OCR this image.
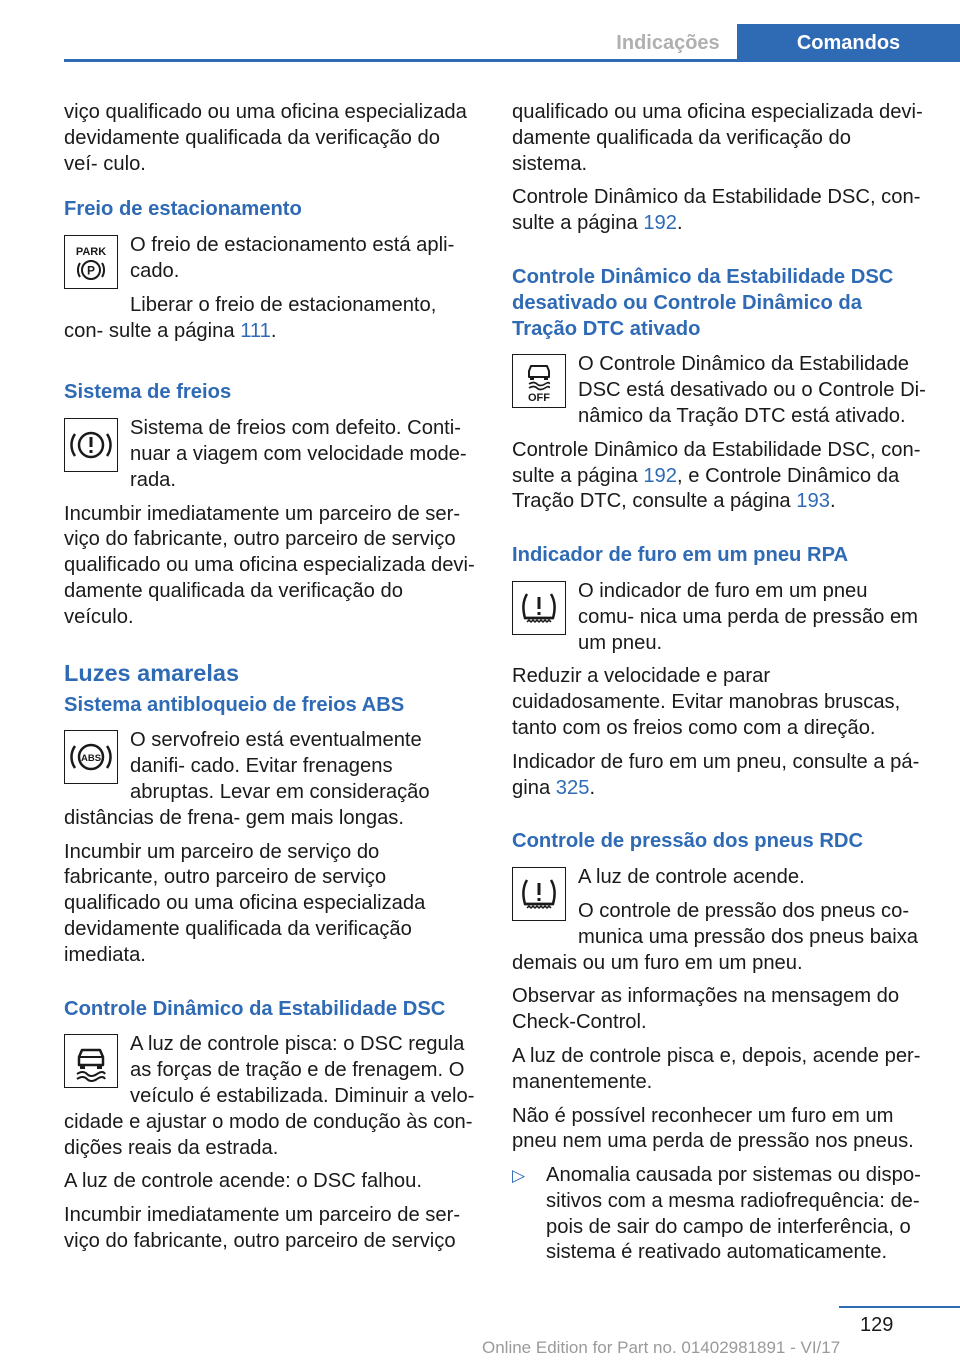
Indicações	Comandos

viço qualificado ou uma oficina especializada devidamente qualificada da verificação do veí‐ culo.

Freio de estacionamento
PARK
P

O freio de estacionamento está apli‐ cado.

Liberar o freio de estacionamento, con‐ sulte a página 111.

Sistema de freios

Sistema de freios com defeito. Conti‐ nuar a viagem com velocidade mode‐ rada.

Incumbir imediatamente um parceiro de ser‐ viço do fabricante, outro parceiro de serviço qualificado ou uma oficina especializada devi‐ damente qualificada da verificação do veículo.

Luzes amarelas
Sistema antibloqueio de freios ABS
ABS

O servofreio está eventualmente danifi‐ cado. Evitar frenagens abruptas. Levar em consideração distâncias de frena‐ gem mais longas.

Incumbir um parceiro de serviço do fabricante, outro parceiro de serviço qualificado ou uma oficina especializada devidamente qualificada da verificação imediata.

Controle Dinâmico da Estabilidade DSC

A luz de controle pisca: o DSC regula as forças de tração e de frenagem. O veículo é estabilizada. Diminuir a velo‐ cidade e ajustar o modo de condução às con‐ dições reais da estrada.

A luz de controle acende: o DSC falhou.

Incumbir imediatamente um parceiro de ser‐ viço do fabricante, outro parceiro de serviço

qualificado ou uma oficina especializada devi‐ damente qualificada da verificação do sistema.

Controle Dinâmico da Estabilidade DSC, con‐ sulte a página 192.

Controle Dinâmico da Estabilidade DSC desativado ou Controle Dinâmico da Tração DTC ativado
OFF

O Controle Dinâmico da Estabilidade DSC está desativado ou o Controle Di‐ nâmico da Tração DTC está ativado.

Controle Dinâmico da Estabilidade DSC, con‐ sulte a página 192, e Controle Dinâmico da Tração DTC, consulte a página 193.

Indicador de furo em um pneu RPA

O indicador de furo em um pneu comu‐ nica uma perda de pressão em um pneu.

Reduzir a velocidade e parar cuidadosamente. Evitar manobras bruscas, tanto com os freios como com a direção.

Indicador de furo em um pneu, consulte a pá‐ gina 325.

Controle de pressão dos pneus RDC

A luz de controle acende.

O controle de pressão dos pneus co‐ munica uma pressão dos pneus baixa demais ou um furo em um pneu.

Observar as informações na mensagem do Check-Control.

A luz de controle pisca e, depois, acende per‐ manentemente.

Não é possível reconhecer um furo em um pneu nem uma perda de pressão nos pneus.

▷	Anomalia causada por sistemas ou dispo‐ sitivos com a mesma radiofrequência: de‐ pois de sair do campo de interferência, o sistema é reativado automaticamente.
129
Online Edition for Part no. 01402981891 - VI/17
